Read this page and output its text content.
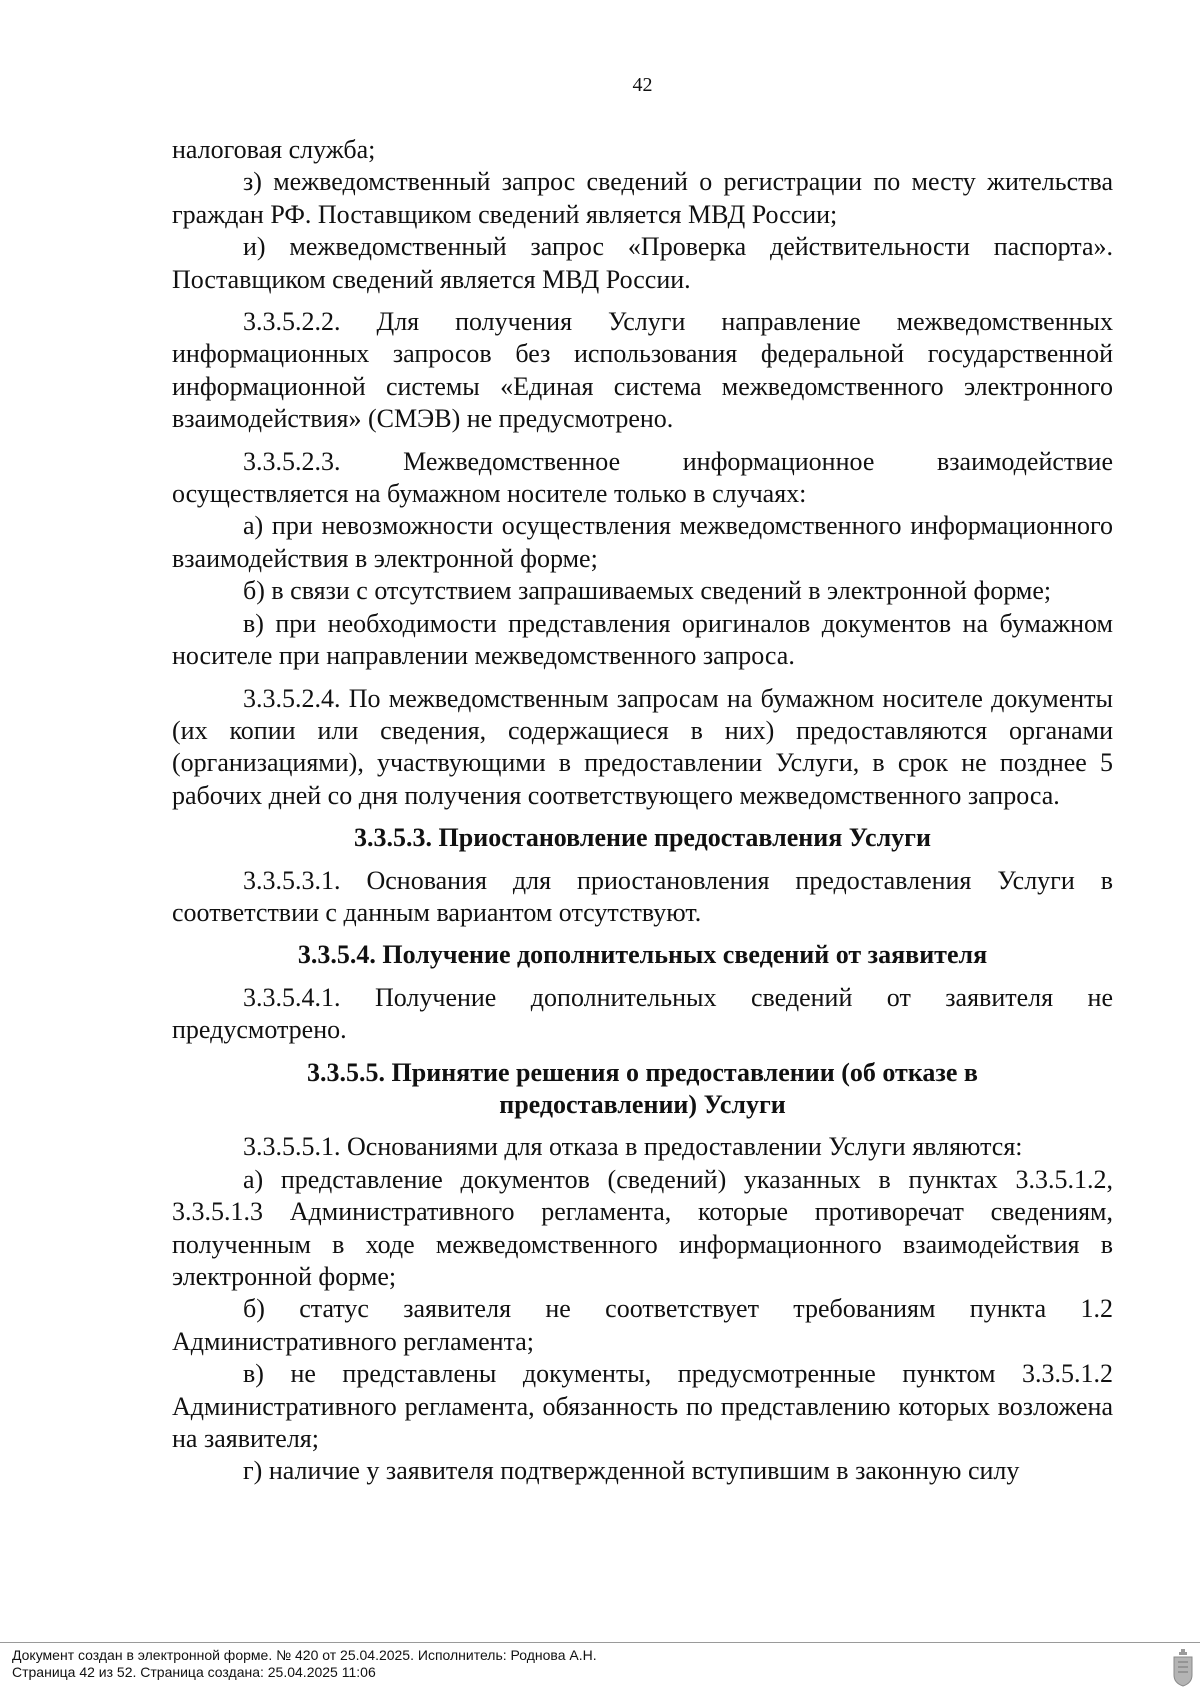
42

налоговая служба;

з) межведомственный запрос сведений о регистрации по месту жительства граждан РФ. Поставщиком сведений является МВД России;

и) межведомственный запрос «Проверка действительности паспорта». Поставщиком сведений является МВД России.

3.3.5.2.2. Для получения Услуги направление межведомственных информационных запросов без использования федеральной государственной информационной системы «Единая система межведомственного электронного взаимодействия» (СМЭВ) не предусмотрено.

3.3.5.2.3. Межведомственное информационное взаимодействие осуществляется на бумажном носителе только в случаях:

а) при невозможности осуществления межведомственного информационного взаимодействия в электронной форме;

б) в связи с отсутствием запрашиваемых сведений в электронной форме;

в) при необходимости представления оригиналов документов на бумажном носителе при направлении межведомственного запроса.

3.3.5.2.4. По межведомственным запросам на бумажном носителе документы (их копии или сведения, содержащиеся в них) предоставляются органами (организациями), участвующими в предоставлении Услуги, в срок не позднее 5 рабочих дней со дня получения соответствующего межведомственного запроса.

3.3.5.3. Приостановление предоставления Услуги

3.3.5.3.1. Основания для приостановления предоставления Услуги в соответствии с данным вариантом отсутствуют.

3.3.5.4. Получение дополнительных сведений от заявителя

3.3.5.4.1. Получение дополнительных сведений от заявителя не предусмотрено.

3.3.5.5. Принятие решения о предоставлении (об отказе в
предоставлении) Услуги

3.3.5.5.1. Основаниями для отказа в предоставлении Услуги являются:

а) представление документов (сведений) указанных в пунктах 3.3.5.1.2, 3.3.5.1.3 Административного регламента, которые противоречат сведениям, полученным в ходе межведомственного информационного взаимодействия в электронной форме;

б) статус заявителя не соответствует требованиям пункта 1.2 Административного регламента;

в) не представлены документы, предусмотренные пунктом 3.3.5.1.2 Административного регламента, обязанность по представлению которых возложена на заявителя;

г) наличие у заявителя подтвержденной вступившим в законную силу

Документ создан в электронной форме. № 420 от 25.04.2025. Исполнитель: Роднова А.Н.
Страница 42 из 52. Страница создана: 25.04.2025 11:06
